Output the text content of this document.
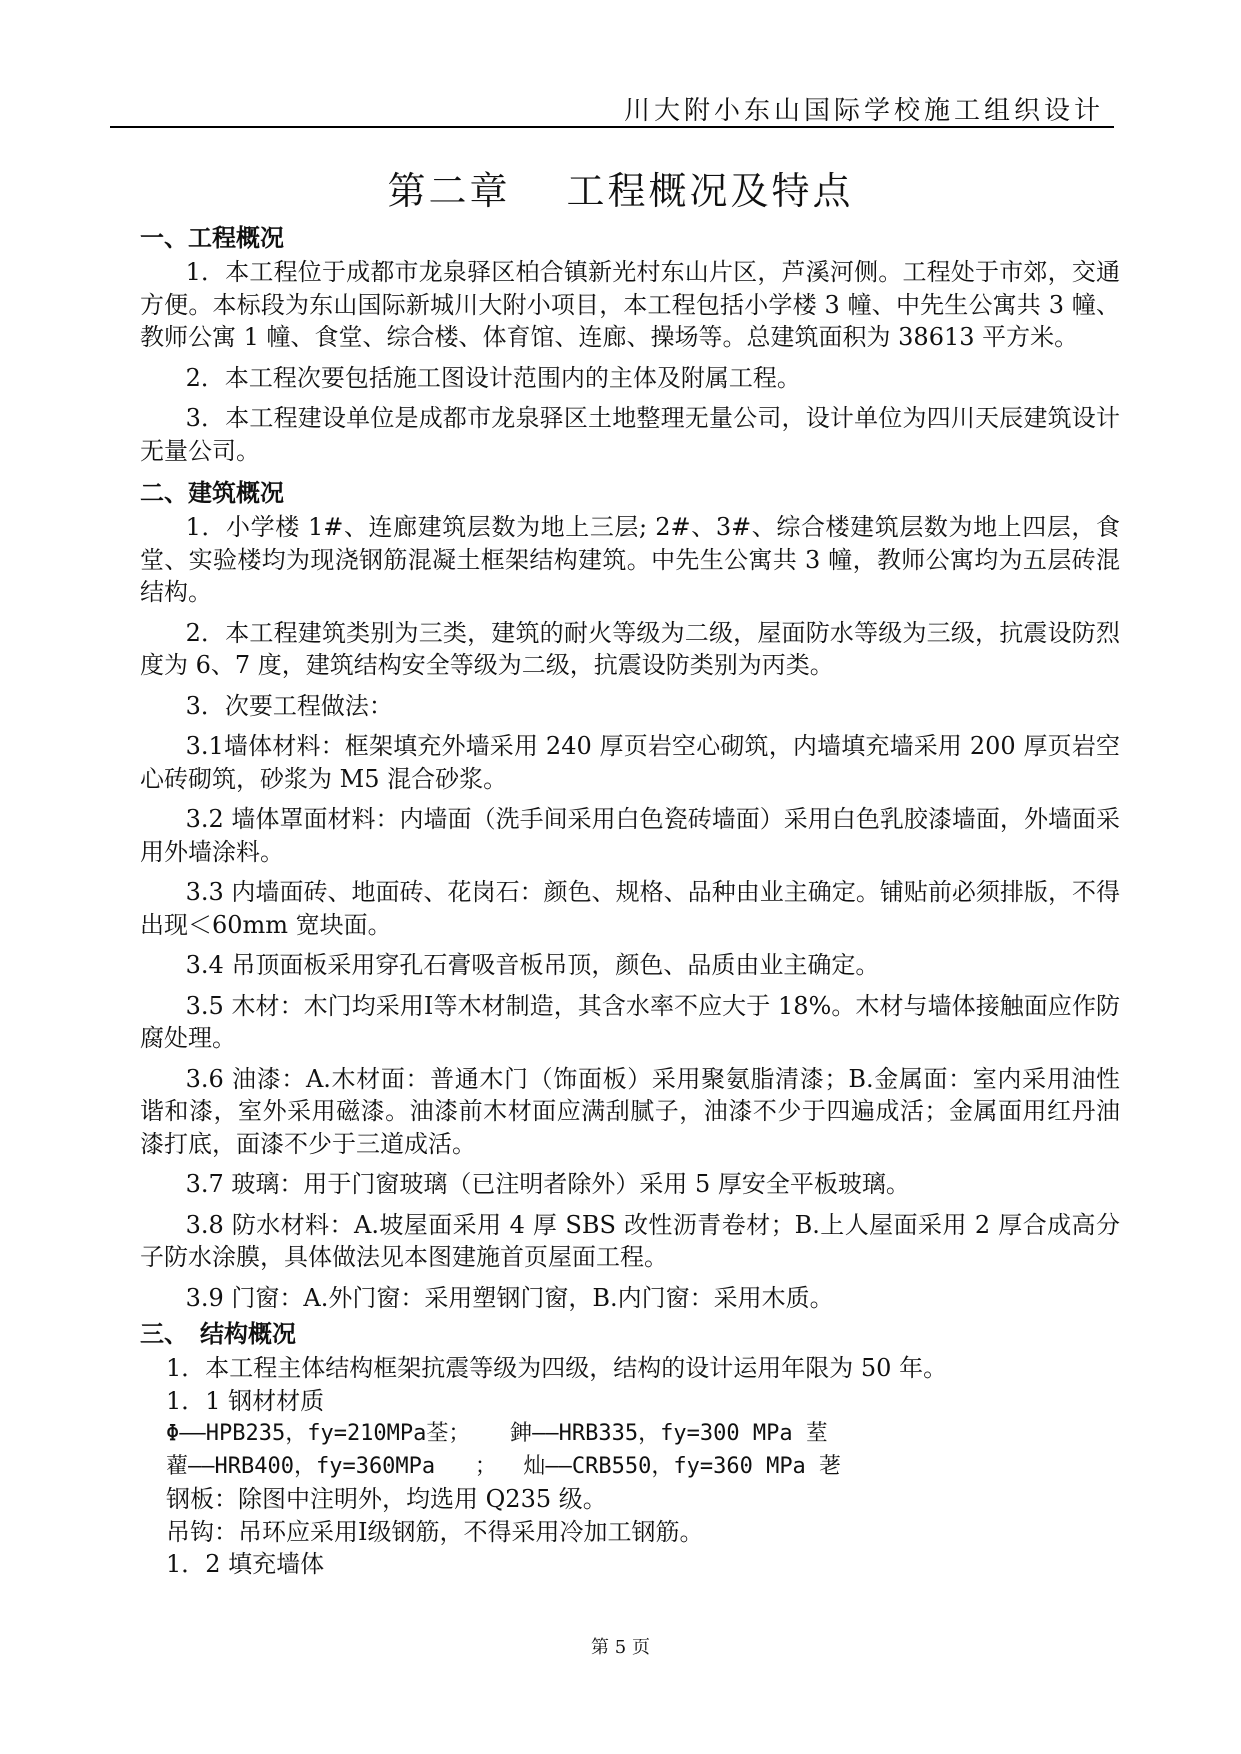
川大附小东山国际学校施工组织设计
第二章　 工程概况及特点
一、工程概况

1．本工程位于成都市龙泉驿区柏合镇新光村东山片区，芦溪河侧。工程处于市郊，交通方便。本标段为东山国际新城川大附小项目，本工程包括小学楼 3 幢、中先生公寓共 3 幢、教师公寓 1 幢、食堂、综合楼、体育馆、连廊、操场等。总建筑面积为 38613 平方米。

2．本工程次要包括施工图设计范围内的主体及附属工程。

3．本工程建设单位是成都市龙泉驿区土地整理无量公司，设计单位为四川天辰建筑设计无量公司。

二、建筑概况

1．小学楼 1#、连廊建筑层数为地上三层; 2#、3#、综合楼建筑层数为地上四层，食堂、实验楼均为现浇钢筋混凝土框架结构建筑。中先生公寓共 3 幢，教师公寓均为五层砖混结构。

2．本工程建筑类别为三类，建筑的耐火等级为二级，屋面防水等级为三级，抗震设防烈度为 6、7 度，建筑结构安全等级为二级，抗震设防类别为丙类。

3．次要工程做法：

3.1墙体材料：框架填充外墙采用 240 厚页岩空心砌筑，内墙填充墙采用 200 厚页岩空心砖砌筑，砂浆为 M5 混合砂浆。

3.2 墙体罩面材料：内墙面（洗手间采用白色瓷砖墙面）采用白色乳胶漆墙面，外墙面采用外墙涂料。

3.3 内墙面砖、地面砖、花岗石：颜色、规格、品种由业主确定。铺贴前必须排版，不得出现＜60mm 宽块面。

3.4 吊顶面板采用穿孔石膏吸音板吊顶，颜色、品质由业主确定。

3.5 木材：木门均采用Ⅰ等木材制造，其含水率不应大于 18%。木材与墙体接触面应作防腐处理。

3.6 油漆：A.木材面：普通木门（饰面板）采用聚氨脂清漆；B.金属面：室内采用油性谐和漆，室外采用磁漆。油漆前木材面应满刮腻子，油漆不少于四遍成活；金属面用红丹油漆打底，面漆不少于三道成活。

3.7 玻璃：用于门窗玻璃（已注明者除外）采用 5 厚安全平板玻璃。

3.8 防水材料：A.坡屋面采用 4 厚 SBS 改性沥青卷材；B.上人屋面采用 2 厚合成高分子防水涂膜，具体做法见本图建施首页屋面工程。

3.9 门窗：A.外门窗：采用塑钢门窗，B.内门窗：采用木质。

三、　结构概况

1．本工程主体结构框架抗震等级为四级，结构的设计运用年限为 50 年。

1．1 钢材材质

Φ——HPB235，fy=210MPa荃；   鉮——HRB335，fy=300 MPa 荎

藋——HRB400，fy=360MPa   ；  灿——CRB550，fy=360 MPa 荖

钢板：除图中注明外，均选用 Q235 级。

吊钩：吊环应采用Ⅰ级钢筋，不得采用冷加工钢筋。

1．2 填充墙体

第 5 页
